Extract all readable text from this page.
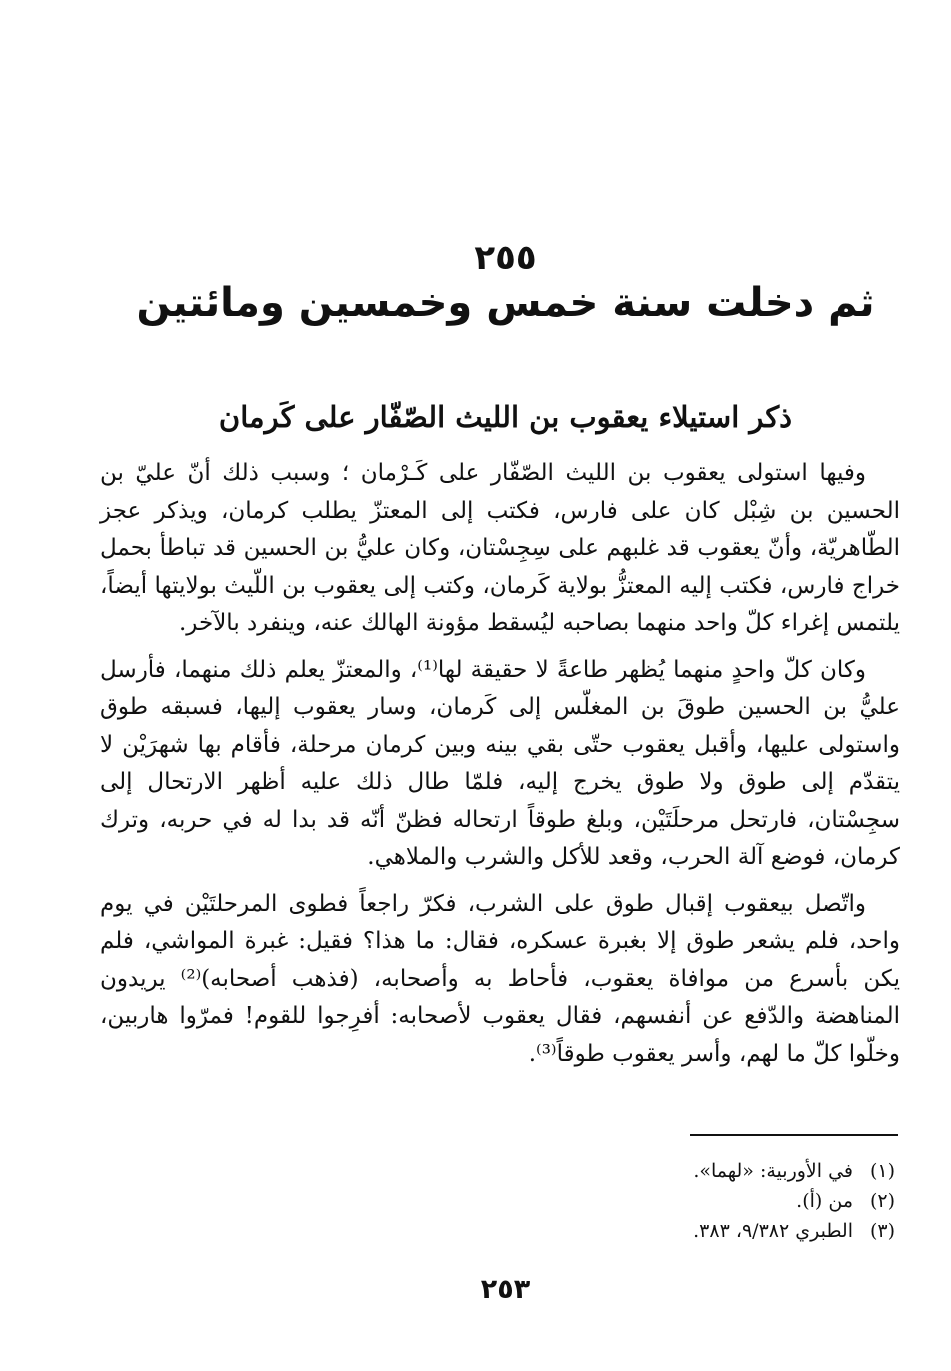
٢٥٥
ثم دخلت سنة خمس وخمسين ومائتين
ذكر استيلاء يعقوب بن الليث الصّفّار على كَرمان

وفيها استولى يعقوب بن الليث الصّفّار على كَـرْمان ؛ وسبب ذلك أنّ عليّ بن الحسين بن شِبْل كان على فارس، فكتب إلى المعتزّ يطلب كرمان، ويذكر عجز الطّاهريّة، وأنّ يعقوب قد غلبهم على سِجِسْتان، وكان عليُّ بن الحسين قد تباطأ بحمل خراج فارس، فكتب إليه المعتزُّ بولاية كَرمان، وكتب إلى يعقوب بن اللّيث بولايتها أيضاً، يلتمس إغراء كلّ واحد منهما بصاحبه ليُسقط مؤونة الهالك عنه، وينفرد بالآخر.

وكان كلّ واحدٍ منهما يُظهر طاعةً لا حقيقة لها⁽¹⁾، والمعتزّ يعلم ذلك منهما، فأرسل عليُّ بن الحسين طوقَ بن المغلّس إلى كَرمان، وسار يعقوب إليها، فسبقه طوق واستولى عليها، وأقبل يعقوب حتّى بقي بينه وبين كرمان مرحلة، فأقام بها شهرَيْن لا يتقدّم إلى طوق ولا طوق يخرج إليه، فلمّا طال ذلك عليه أظهر الارتحال إلى سجِسْتان، فارتحل مرحلَتَيْن، وبلغ طوقاً ارتحاله فظنّ أنّه قد بدا له في حربه، وترك كرمان، فوضع آلة الحرب، وقعد للأكل والشرب والملاهي.

واتّصل بيعقوب إقبال طوق على الشرب، فكرّ راجعاً فطوى المرحلتَيْن في يوم واحد، فلم يشعر طوق إلا بغبرة عسكره، فقال: ما هذا؟ فقيل: غبرة المواشي، فلم يكن بأسرع من موافاة يعقوب، فأحاط به وأصحابه، (فذهب أصحابه)⁽²⁾ يريدون المناهضة والدّفع عن أنفسهم، فقال يعقوب لأصحابه: أفرِجوا للقوم! فمرّوا هاربين، وخلّوا كلّ ما لهم، وأسر يعقوب طوقاً⁽³⁾.

(١)
في الأوربية: «لهما».
(٢)
من (أ).
(٣)
الطبري ٩/٣٨٢، ٣٨٣.
٢٥٣
